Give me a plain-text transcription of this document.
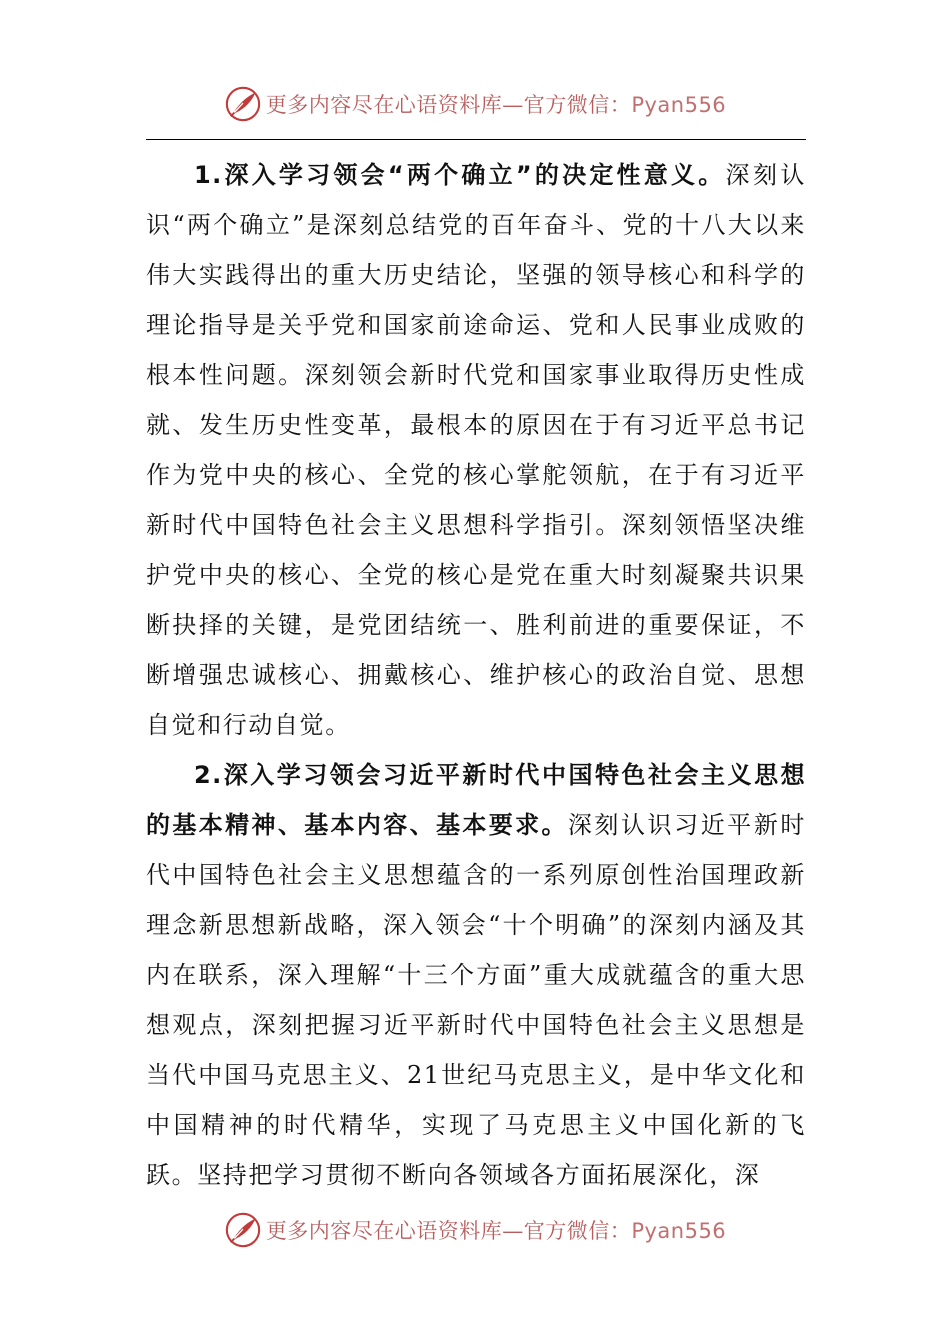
更多内容尽在心语资料库—官方微信：Pyan556

1.深入学习领会“两个确立”的决定性意义。深刻认识“两个确立”是深刻总结党的百年奋斗、党的十八大以来伟大实践得出的重大历史结论，坚强的领导核心和科学的理论指导是关乎党和国家前途命运、党和人民事业成败的根本性问题。深刻领会新时代党和国家事业取得历史性成就、发生历史性变革，最根本的原因在于有习近平总书记作为党中央的核心、全党的核心掌舵领航，在于有习近平新时代中国特色社会主义思想科学指引。深刻领悟坚决维护党中央的核心、全党的核心是党在重大时刻凝聚共识果断抉择的关键，是党团结统一、胜利前进的重要保证，不断增强忠诚核心、拥戴核心、维护核心的政治自觉、思想自觉和行动自觉。

2.深入学习领会习近平新时代中国特色社会主义思想的基本精神、基本内容、基本要求。深刻认识习近平新时代中国特色社会主义思想蕴含的一系列原创性治国理政新理念新思想新战略，深入领会“十个明确”的深刻内涵及其内在联系，深入理解“十三个方面”重大成就蕴含的重大思想观点，深刻把握习近平新时代中国特色社会主义思想是当代中国马克思主义、21世纪马克思主义，是中华文化和中国精神的时代精华，实现了马克思主义中国化新的飞跃。坚持把学习贯彻不断向各领域各方面拓展深化，深

更多内容尽在心语资料库—官方微信：Pyan556
